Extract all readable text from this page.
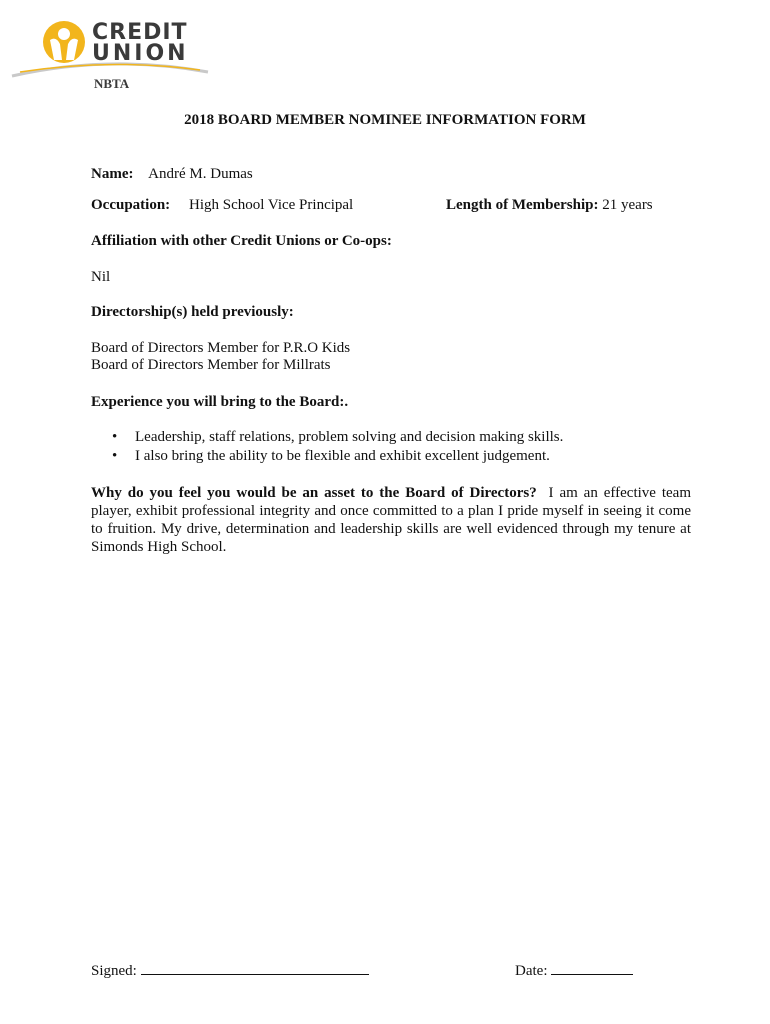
CREDIT
UNION
NBTA
2018 BOARD MEMBER NOMINEE INFORMATION FORM
Name: André M. Dumas
Occupation: High School Vice Principal	Length of Membership: 21 years
Affiliation with other Credit Unions or Co-ops:
Nil
Directorship(s) held previously:
Board of Directors Member for P.R.O Kids
Board of Directors Member for Millrats
Experience you will bring to the Board:.
• Leadership, staff relations, problem solving and decision making skills.
• I also bring the ability to be flexible and exhibit excellent judgement.
Why do you feel you would be an asset to the Board of Directors? I am an effective team player, exhibit professional integrity and once committed to a plan I pride myself in seeing it come to fruition. My drive, determination and leadership skills are well evidenced through my tenure at Simonds High School.
Signed:	Date:
